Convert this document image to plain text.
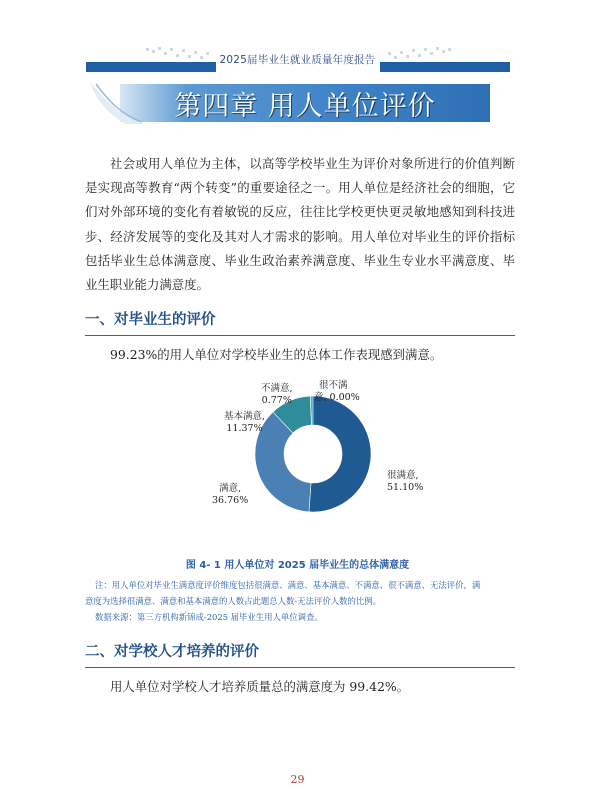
2025届毕业生就业质量年度报告
第四章 用人单位评价
社会或用人单位为主体，以高等学校毕业生为评价对象所进行的价值判断是实现高等教育“两个转变”的重要途径之一。用人单位是经济社会的细胞，它们对外部环境的变化有着敏锐的反应，往往比学校更快更灵敏地感知到科技进步、经济发展等的变化及其对人才需求的影响。用人单位对毕业生的评价指标包括毕业生总体满意度、毕业生政治素养满意度、毕业生专业水平满意度、毕业生职业能力满意度。
一、对毕业生的评价
99.23%的用人单位对学校毕业生的总体工作表现感到满意。
很满意,
51.10%
满意,
36.76%
基本满意,
11.37%
不满意,
0.77%
很不满
意, 0.00%
图 4- 1 用人单位对 2025 届毕业生的总体满意度
注：用人单位对毕业生满意度评价维度包括很满意、满意、基本满意、不满意、很不满意、无法评价，满
意度为选择很满意、满意和基本满意的人数占此题总人数-无法评价人数的比例。
数据来源：第三方机构新锦成-2025 届毕业生用人单位调查。
二、对学校人才培养的评价
用人单位对学校人才培养质量总的满意度为 99.42%。
29
